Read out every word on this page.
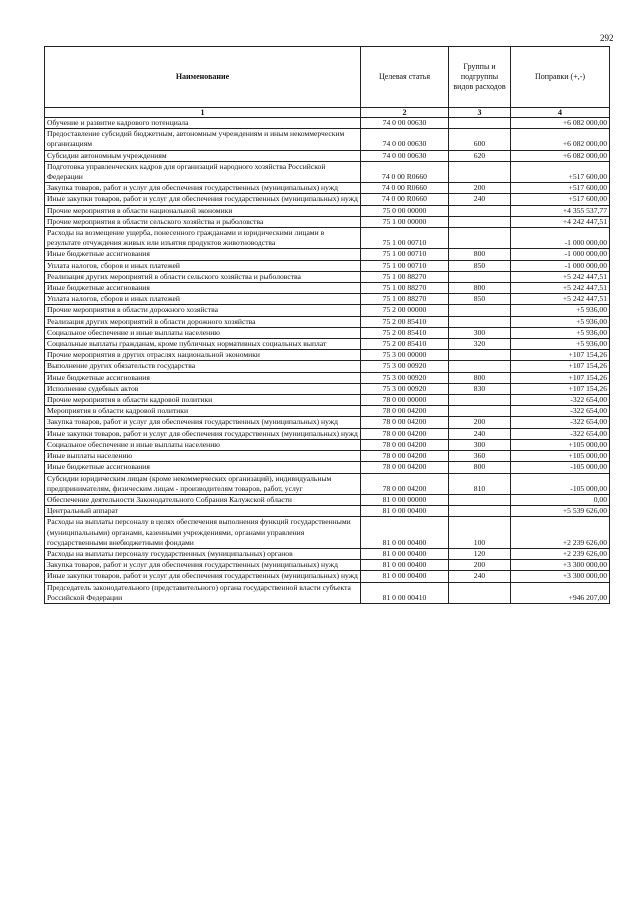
292
Наименование	Целевая статья	Группы и подгруппы видов расходов	Поправки (+,-)
1	2	3	4
Обучение и развитие кадрового потенциала	74 0 00 00630		+6 082 000,00
Предоставление субсидий бюджетным, автономным учреждениям и иным некоммерческим организациям	74 0 00 00630	600	+6 082 000,00
Субсидии автономным учреждениям	74 0 00 00630	620	+6 082 000,00
Подготовка управленческих кадров для организаций народного хозяйства Российской Федерации	74 0 00 R0660		+517 600,00
Закупка товаров, работ и услуг для обеспечения государственных (муниципальных) нужд	74 0 00 R0660	200	+517 600,00
Иные закупки товаров, работ и услуг для обеспечения государственных (муниципальных) нужд	74 0 00 R0660	240	+517 600,00
Прочие мероприятия в области национальной экономики	75 0 00 00000		+4 355 537,77
Прочие мероприятия в области сельского хозяйства и рыболовства	75 1 00 00000		+4 242 447,51
Расходы на возмещение ущерба, понесенного гражданами и юридическими лицами в результате отчуждения живых или изъятия продуктов животноводства	75 1 00 00710		-1 000 000,00
Иные бюджетные ассигнования	75 1 00 00710	800	-1 000 000,00
Уплата налогов, сборов и иных платежей	75 1 00 00710	850	-1 000 000,00
Реализация других мероприятий в области сельского хозяйства и рыболовства	75 1 00 88270		+5 242 447,51
Иные бюджетные ассигнования	75 1 00 88270	800	+5 242 447,51
Уплата налогов, сборов и иных платежей	75 1 00 88270	850	+5 242 447,51
Прочие мероприятия в области дорожного хозяйства	75 2 00 00000		+5 936,00
Реализация других мероприятий в области дорожного хозяйства	75 2 00 85410		+5 936,00
Социальное обеспечение и иные выплаты населению	75 2 00 85410	300	+5 936,00
Социальные выплаты гражданам, кроме публичных нормативных социальных выплат	75 2 00 85410	320	+5 936,00
Прочие мероприятия в другиx отраслях национальной экономики	75 3 00 00000		+107 154,26
Выполнение других обязательств государства	75 3 00 00920		+107 154,26
Иные бюджетные ассигнования	75 3 00 00920	800	+107 154,26
Исполнение судебных актов	75 3 00 00920	830	+107 154,26
Прочие мероприятия в области кадровой политики	78 0 00 00000		-322 654,00
Мероприятия в области кадровой политики	78 0 00 04200		-322 654,00
Закупка товаров, работ и услуг для обеспечения государственных (муниципальных) нужд	78 0 00 04200	200	-322 654,00
Иные закупки товаров, работ и услуг для обеспечения государственных (муниципальных) нужд	78 0 00 04200	240	-322 654,00
Социальное обеспечение и иные выплаты населению	78 0 00 04200	300	+105 000,00
Иные выплаты населению	78 0 00 04200	360	+105 000,00
Иные бюджетные ассигнования	78 0 00 04200	800	-105 000,00
Субсидии юридическим лицам (кроме некоммерческих организаций), индивидуальным предпринимателям, физическим лицам - производителям товаров, работ, услуг	78 0 00 04200	810	-105 000,00
Обеспечение деятельности Законодательного Собрания Калужской области	81 0 00 00000		0,00
Центральный аппарат	81 0 00 00400		+5 539 626,00
Расходы на выплаты персоналу в целях обеспечения выполнения функций государственными (муниципальными) органами, казенными учреждениями, органами управления государственными внебюджетными фондами	81 0 00 00400	100	+2 239 626,00
Расходы на выплаты персоналу государственных (муниципальных) органов	81 0 00 00400	120	+2 239 626,00
Закупка товаров, работ и услуг для обеспечения государственных (муниципальных) нужд	81 0 00 00400	200	+3 300 000,00
Иные закупки товаров, работ и услуг для обеспечения государственных (муниципальных) нужд	81 0 00 00400	240	+3 300 000,00
Председатель законодательного (представительного) органа государственной власти субъекта Российской Федерации	81 0 00 00410		+946 207,00
